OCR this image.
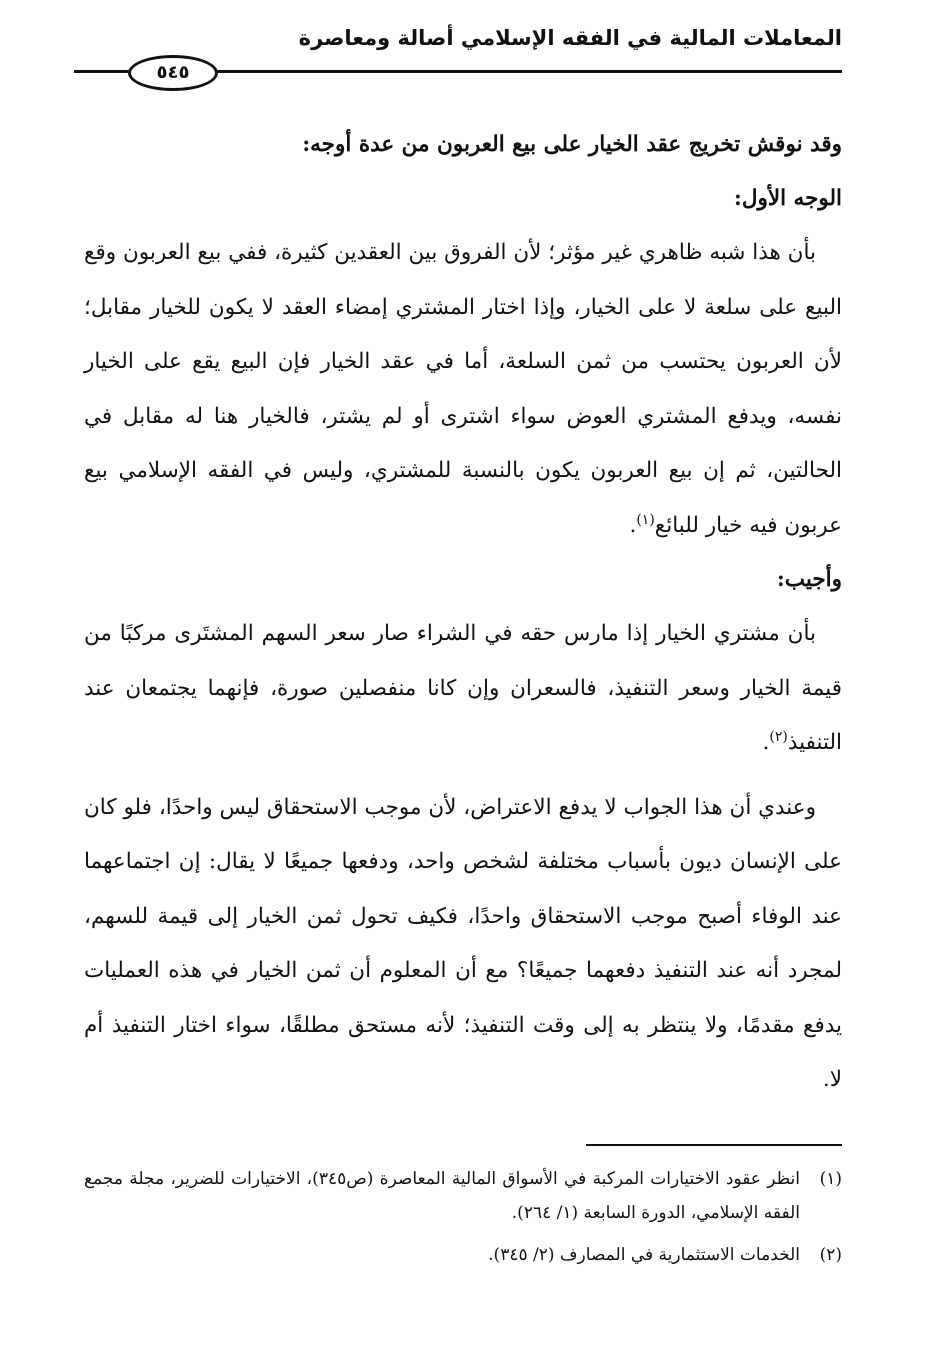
المعاملات المالية في الفقه الإسلامي أصالة ومعاصرة
٥٤٥

وقد نوقش تخريج عقد الخيار على بيع العربون من عدة أوجه:

الوجه الأول:

بأن هذا شبه ظاهري غير مؤثر؛ لأن الفروق بين العقدين كثيرة، ففي بيع العربون وقع البيع على سلعة لا على الخيار، وإذا اختار المشتري إمضاء العقد لا يكون للخيار مقابل؛ لأن العربون يحتسب من ثمن السلعة، أما في عقد الخيار فإن البيع يقع على الخيار نفسه، ويدفع المشتري العوض سواء اشترى أو لم يشتر، فالخيار هنا له مقابل في الحالتين، ثم إن بيع العربون يكون بالنسبة للمشتري، وليس في الفقه الإسلامي بيع عربون فيه خيار للبائع$^{(١)}$.

وأجيب:

بأن مشتري الخيار إذا مارس حقه في الشراء صار سعر السهم المشتَرى مركبًا من قيمة الخيار وسعر التنفيذ، فالسعران وإن كانا منفصلين صورة، فإنهما يجتمعان عند التنفيذ$^{(٢)}$.

وعندي أن هذا الجواب لا يدفع الاعتراض، لأن موجب الاستحقاق ليس واحدًا، فلو كان على الإنسان ديون بأسباب مختلفة لشخص واحد، ودفعها جميعًا لا يقال: إن اجتماعهما عند الوفاء أصبح موجب الاستحقاق واحدًا، فكيف تحول ثمن الخيار إلى قيمة للسهم، لمجرد أنه عند التنفيذ دفعهما جميعًا؟ مع أن المعلوم أن ثمن الخيار في هذه العمليات يدفع مقدمًا، ولا ينتظر به إلى وقت التنفيذ؛ لأنه مستحق مطلقًا، سواء اختار التنفيذ أم لا.

(١)
انظر عقود الاختيارات المركبة في الأسواق المالية المعاصرة (ص٣٤٥)، الاختيارات للضرير، مجلة مجمع الفقه الإسلامي، الدورة السابعة (١/ ٢٦٤).

(٢)
الخدمات الاستثمارية في المصارف (٢/ ٣٤٥).
